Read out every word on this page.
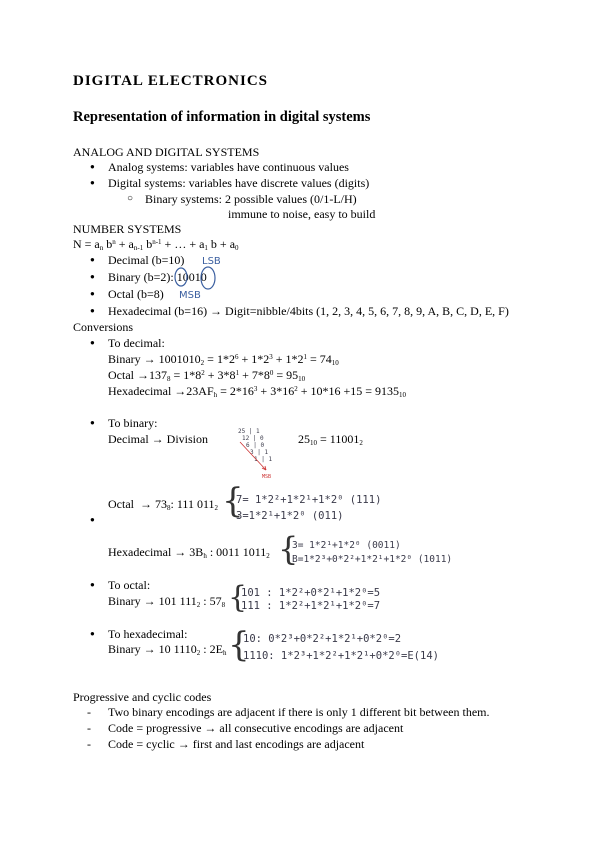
DIGITAL ELECTRONICS
Representation of information in digital systems
ANALOG AND DIGITAL SYSTEMS
● Analog systems: variables have continuous values
● Digital systems: variables have discrete values (digits)
○ Binary systems: 2 possible values (0/1-L/H)
immune to noise, easy to build
NUMBER SYSTEMS
$N = a_n$ $b^n + a_{n-1}$ $b^{n-1}$ + … + $a_1$ $b + a_0$
● Decimal (b=10)
● Binary (b=2): 10010
● Octal (b=8)
● Hexadecimal (b=16) → Digit=nibble/4bits (1, 2, 3, 4, 5, 6, 7, 8, 9, A, B, C, D, E, F)
LSB
MSB
Conversions
● To decimal:
Binary → $1001010_2 = 1*2^6 + 1*2^3 + 1*2^1 = 74_{10}$
Octal $\to 137_8 = 1*8^2 + 3*8^1 + 7*8^0 = 95_{10}$
Hexadecimal $\to 23AF_h = 2*16^3 + 3*16^2 + 10*16 +15 = 9135_{10}$
● To binary:
Decimal → Division	$25_{10} = 11001_2$
25 | 1
12 | 0
6 | 0
3 | 1
1 | 1
MSB
Octal  → $73_8$: 111 $011_2$ {
7= 1*2²+1*2¹+1*2⁰ (111)
3=1*2¹+1*2⁰ (011)
Hexadecimal → $3B_h$ : 0011 $1011_2$ {
3= 1*2¹+1*2⁰ (0011)
B=1*2³+0*2²+1*2¹+1*2⁰ (1011)
● To octal:
Binary → 101 $111_2$ : $57_8$ {
101 : 1*2²+0*2¹+1*2⁰=5
111 : 1*2²+1*2¹+1*2⁰=7
● To hexadecimal:
Binary → 10 $1110_2$ : $2E_h$ {
10: 0*2³+0*2²+1*2¹+0*2⁰=2
1110: 1*2³+1*2²+1*2¹+0*2⁰=E(14)
Progressive and cyclic codes
- Two binary encodings are adjacent if there is only 1 different bit between them.
- Code = progressive → all consecutive encodings are adjacent
- Code = cyclic → first and last encodings are adjacent
